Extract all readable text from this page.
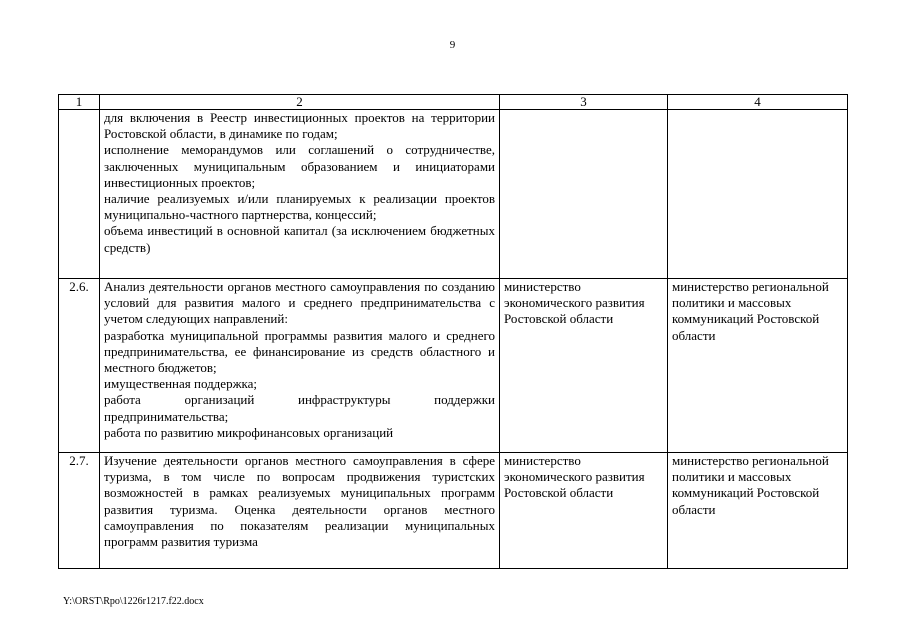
9
1	2	3	4

	для включения в Реестр инвестиционных проектов на территории Ростовской области, в динамике по годам;
исполнение меморандумов или соглашений о сотрудничестве, заключенных муниципальным образованием и инициаторами инвестиционных проектов;
наличие реализуемых и/или планируемых к реализации проектов муниципально-частного партнерства, концессий;
объема инвестиций в основной капитал (за исключением бюджетных средств)		

2.6.	Анализ деятельности органов местного самоуправления по созданию условий для развития малого и среднего предпринимательства с учетом следующих направлений:
разработка муниципальной программы развития малого и среднего предпринимательства, ее финансирование из средств областного и местного бюджетов;
имущественная поддержка;
работа организаций инфраструктуры поддержки предпринимательства;
работа по развитию микрофинансовых организаций	министерство экономического развития Ростовской области	министерство региональной политики и массовых коммуникаций Ростовской области
2.7.	Изучение деятельности органов местного самоуправления в сфере туризма, в том числе по вопросам продвижения туристских возможностей в рамках реализуемых муниципальных программ развития туризма. Оценка деятельности органов местного самоуправления по показателям реализации муниципальных программ развития туризма	министерство экономического развития Ростовской области	министерство региональной политики и массовых коммуникаций Ростовской области
Y:\ORST\Rpo\1226r1217.f22.docx
